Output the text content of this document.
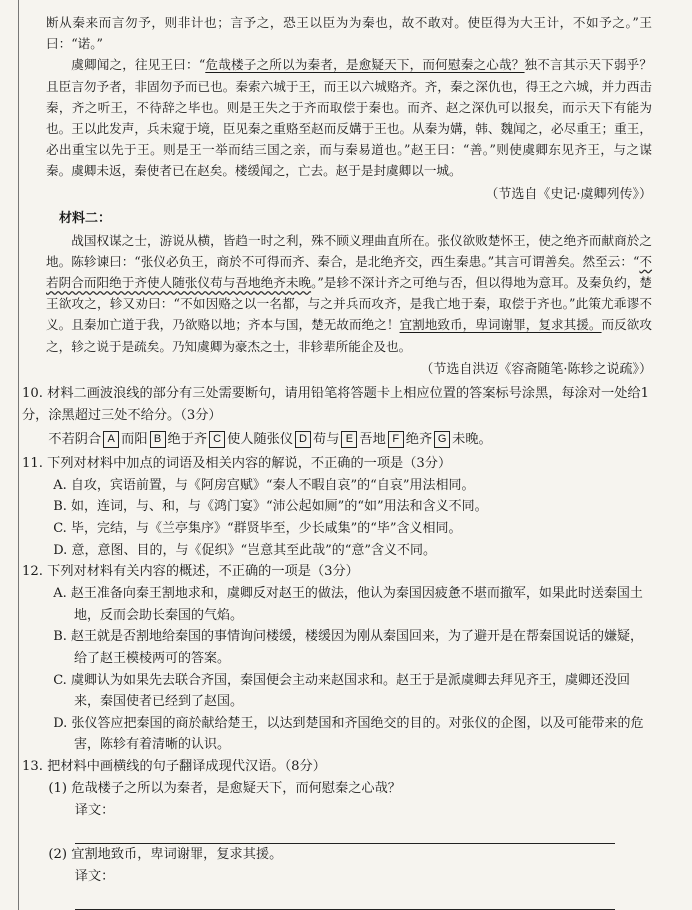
断从秦来而言勿予，则非计也；言予之，恐王以臣为为秦也，故不敢对。使臣得为大王计，不如予之。”王曰：“诺。”

虞卿闻之，往见王曰：“危哉楼子之所以为秦者，是愈疑天下，而何慰秦之心哉？独不言其示天下弱乎？且臣言勿予者，非固勿予而已也。秦索六城于王，而王以六城赂齐。齐，秦之深仇也，得王之六城，并力西击秦，齐之听王，不待辞之毕也。则是王失之于齐而取偿于秦也。而齐、赵之深仇可以报矣，而示天下有能为也。王以此发声，兵未窥于境，臣见秦之重赂至赵而反媾于王也。从秦为媾，韩、魏闻之，必尽重王；重王，必出重宝以先于王。则是王一举而结三国之亲，而与秦易道也。”赵王曰：“善。”则使虞卿东见齐王，与之谋秦。虞卿未返，秦使者已在赵矣。楼缓闻之，亡去。赵于是封虞卿以一城。

（节选自《史记·虞卿列传》）

材料二：

战国权谋之士，游说从横，皆趋一时之利，殊不顾义理曲直所在。张仪欲败楚怀王，使之绝齐而献商於之地。陈轸谏曰：“张仪必负王，商於不可得而齐、秦合，是北绝齐交，西生秦患。”其言可谓善矣。然至云：“不若阴合而阳绝于齐使人随张仪苟与吾地绝齐未晚。”是轸不深计齐之可绝与否，但以得地为意耳。及秦负约，楚王欲攻之，轸又劝曰：“不如因赂之以一名都，与之并兵而攻齐，是我亡地于秦，取偿于齐也。”此策尤乖谬不义。且秦加亡道于我，乃欲赂以地；齐本与国，楚无故而绝之！宜割地致币，卑词谢罪，复求其援。而反欲攻之，轸之说于是疏矣。乃知虞卿为豪杰之士，非轸辈所能企及也。

（节选自洪迈《容斋随笔·陈轸之说疏》）

10. 材料二画波浪线的部分有三处需要断句，请用铅笔将答题卡上相应位置的答案标号涂黑，每涂对一处给1分，涂黑超过三处不给分。（3分）

不若阴合 A 而阳 B 绝于齐 C 使人随张仪 D 苟与 E 吾地 F 绝齐 G 未晚。

11. 下列对材料中加点的词语及相关内容的解说，不正确的一项是（3分）

A. 自攻，宾语前置，与《阿房宫赋》“秦人不暇自哀”的“自哀”用法相同。

B. 如，连词，与、和，与《鸿门宴》“沛公起如厕”的“如”用法和含义不同。

C. 毕，完结，与《兰亭集序》“群贤毕至，少长咸集”的“毕”含义相同。

D. 意，意图、目的，与《促织》“岂意其至此哉”的“意”含义不同。

12. 下列对材料有关内容的概述，不正确的一项是（3分）

A. 赵王准备向秦王割地求和，虞卿反对赵王的做法，他认为秦国因疲惫不堪而撤军，如果此时送秦国土地，反而会助长秦国的气焰。

B. 赵王就是否割地给秦国的事情询问楼缓，楼缓因为刚从秦国回来，为了避开是在帮秦国说话的嫌疑，给了赵王模棱两可的答案。

C. 虞卿认为如果先去联合齐国，秦国便会主动来赵国求和。赵王于是派虞卿去拜见齐王，虞卿还没回来，秦国使者已经到了赵国。

D. 张仪答应把秦国的商於献给楚王，以达到楚国和齐国绝交的目的。对张仪的企图，以及可能带来的危害，陈轸有着清晰的认识。

13. 把材料中画横线的句子翻译成现代汉语。（8分）

(1) 危哉楼子之所以为秦者，是愈疑天下，而何慰秦之心哉？

译文：

(2) 宜割地致币，卑词谢罪，复求其援。

译文：
